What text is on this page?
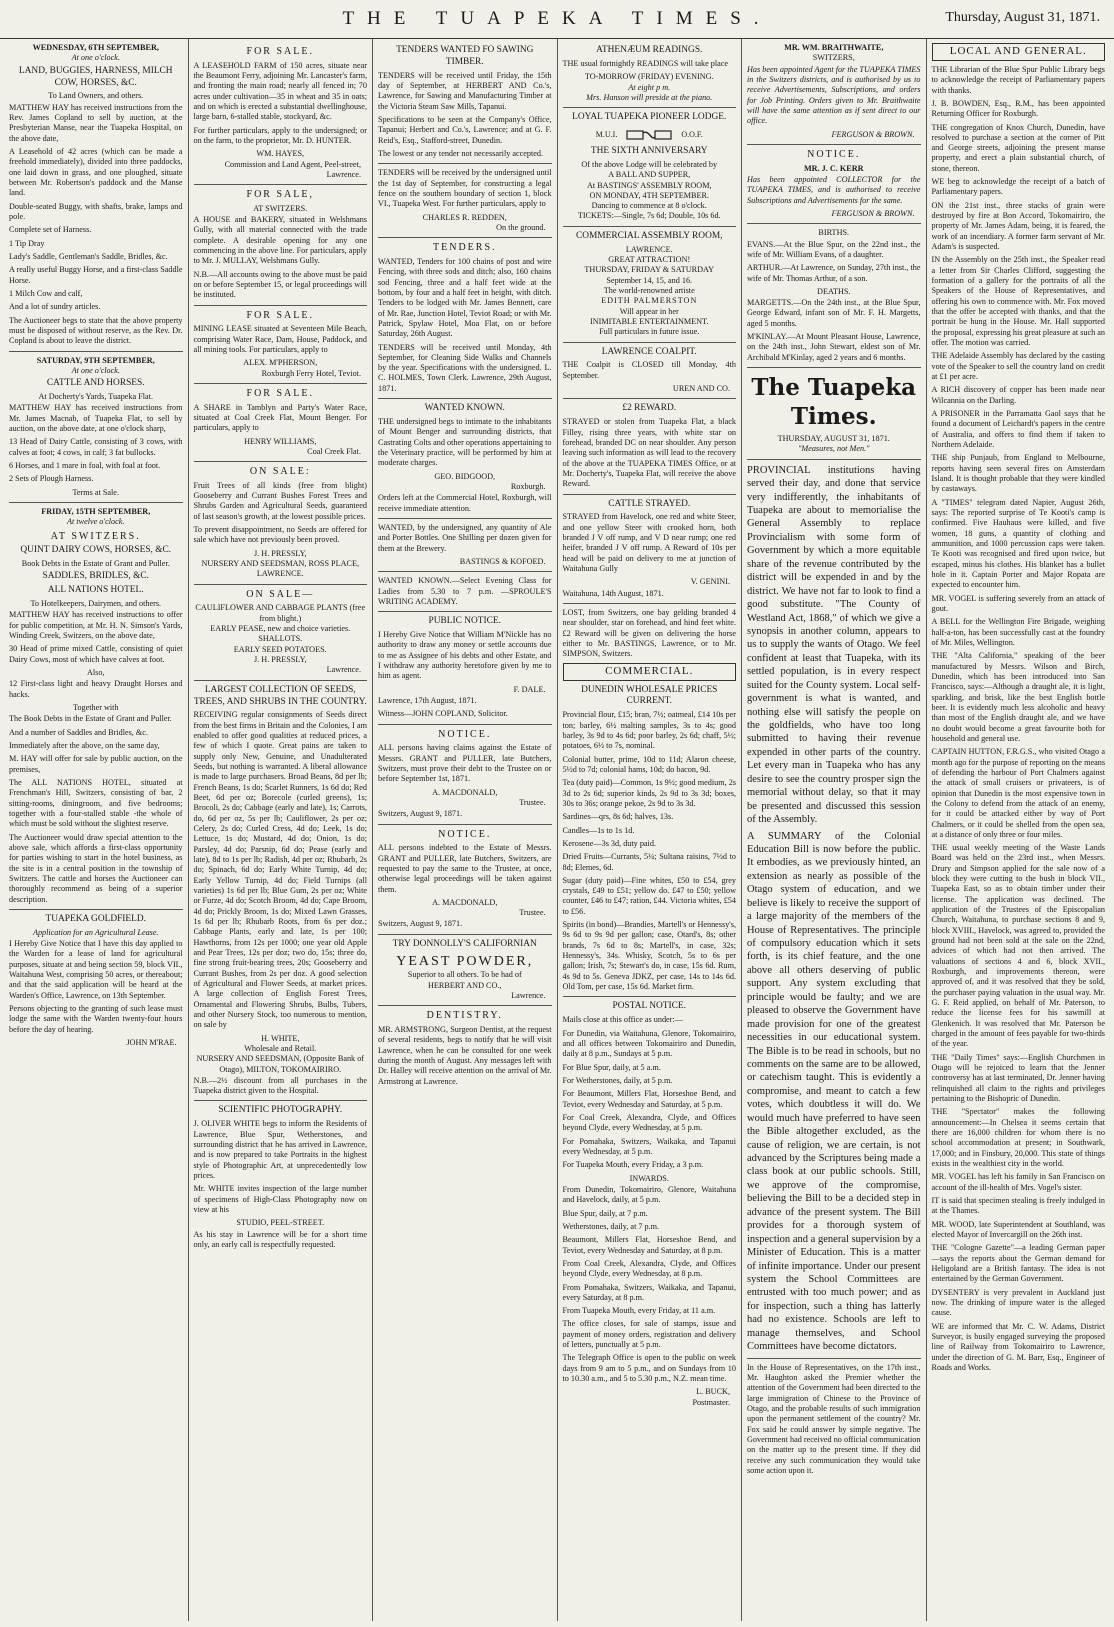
THE TUAPEKA TIMES.	Thursday, August 31, 1871.
WEDNESDAY, 6TH SEPTEMBER,
At one o'clock.
LAND, BUGGIES, HARNESS, MILCH COW, HORSES, &C.
To Land Owners, and others.

MATTHEW HAY has received instructions from the Rev. James Copland to sell by auction, at the Presbyterian Manse, near the Tuapeka Hospital, on the above date,

A Leasehold of 42 acres (which can be made a freehold immediately), divided into three paddocks, one laid down in grass, and one ploughed, situate between Mr. Robertson's paddock and the Manse land.

Double-seated Buggy, with shafts, brake, lamps and pole.

Complete set of Harness.

1 Tip Dray

Lady's Saddle, Gentleman's Saddle, Bridles, &c.

A really useful Buggy Horse, and a first-class Saddle Horse.

1 Milch Cow and calf,

And a lot of sundry articles.

The Auctioneer begs to state that the above property must be disposed of without reserve, as the Rev. Dr. Copland is about to leave the district.

SATURDAY, 9TH SEPTEMBER,
At one o'clock.
CATTLE AND HORSES.
At Docherty's Yards, Tuapeka Flat.

MATTHEW HAY has received instructions from Mr. James Macnab, of Tuapeka Flat, to sell by auction, on the above date, at one o'clock sharp,

13 Head of Dairy Cattle, consisting of 3 cows, with calves at foot; 4 cows, in calf; 3 fat bullocks.

6 Horses, and 1 mare in foal, with foal at foot.

2 Sets of Plough Harness.

Terms at Sale.
FRIDAY, 15TH SEPTEMBER,
At twelve o'clock.
AT SWITZERS.
QUINT DAIRY COWS, HORSES, &C.
Book Debts in the Estate of Grant and Puller.
SADDLES, BRIDLES, &C.
ALL NATIONS HOTEL.
To Hotelkeepers, Dairymen, and others.

MATTHEW HAY has received instructions to offer for public competition, at Mr. H. N. Simson's Yards, Winding Creek, Switzers, on the above date,

30 Head of prime mixed Cattle, consisting of quiet Dairy Cows, most of which have calves at foot.

Also,

12 First-class light and heavy Draught Horses and hacks.

Together with

The Book Debts in the Estate of Grant and Puller.

And a number of Saddles and Bridles, &c.

Immediately after the above, on the same day,

M. HAY will offer for sale by public auction, on the premises,

The ALL NATIONS HOTEL, situated at Frenchman's Hill, Switzers, consisting of bar, 2 sitting-rooms, diningroom, and five bedrooms; together with a four-stalled stable -the whole of which must be sold without the slightest reserve.

The Auctioneer would draw special attention to the above sale, which affords a first-class opportunity for parties wishing to start in the hotel business, as the site is in a central position in the township of Switzers. The cattle and horses the Auctioneer can thoroughly recommend as being of a superior description.

TUAPEKA GOLDFIELD.
Application for an Agricultural Lease.

I Hereby Give Notice that I have this day applied to the Warden for a lease of land for agricultural purposes, situate at and being section 59, block VII., Waitahuna West, comprising 50 acres, or thereabout; and that the said application will be heard at the Warden's Office, Lawrence, on 13th September.

Persons objecting to the granting of such lease must lodge the same with the Warden twenty-four hours before the day of hearing.

JOHN M'RAE.
FOR SALE.

A LEASEHOLD FARM of 150 acres, situate near the Beaumont Ferry, adjoining Mr. Lancaster's farm, and fronting the main road; nearly all fenced in; 70 acres under cultivation—35 in wheat and 35 in oats; and on which is erected a substantial dwellinghouse, large barn, 6-stalled stable, stockyard, &c.

For further particulars, apply to the undersigned; or on the farm, to the proprietor, Mr. D. HUNTER.

WM. HAYES,
Commission and Land Agent, Peel-street, Lawrence.
FOR SALE,
AT SWITZERS.

A HOUSE and BAKERY, situated in Welshmans Gully, with all material connected with the trade complete. A desirable opening for any one commencing in the above line. For particulars, apply to Mr. J. MULLAY, Welshmans Gully.

N.B.—All accounts owing to the above must be paid on or before September 15, or legal proceedings will be instituted.

FOR SALE.

MINING LEASE situated at Seventeen Mile Beach, comprising Water Race, Dam, House, Paddock, and all mining tools. For particulars, apply to

ALEX. M'PHERSON,
Roxburgh Ferry Hotel, Teviot.
FOR SALE.

A SHARE in Tamblyn and Party's Water Race, situated at Coal Creek Flat, Mount Benger. For particulars, apply to

HENRY WILLIAMS,
Coal Creek Flat.
ON SALE:

Fruit Trees of all kinds (free from blight) Gooseberry and Currant Bushes Forest Trees and Shrubs Garden and Agricultural Seeds, guaranteed of last season's growth, at the lowest possible prices.

To prevent disappointment, no Seeds are offered for sale which have not previously been proved.

J. H. PRESSLY,
NURSERY AND SEEDSMAN, ROSS PLACE, LAWRENCE.
ON SALE—
CAULIFLOWER AND CABBAGE PLANTS (free from blight.)
EARLY PEASE, new and choice varieties.
SHALLOTS.
EARLY SEED POTATOES.
J. H. PRESSLY,
Lawrence.
LARGEST COLLECTION OF SEEDS, TREES, AND SHRUBS IN THE COUNTRY.

RECEIVING regular consignments of Seeds direct from the best firms in Britain and the Colonies, I am enabled to offer good qualities at reduced prices, a few of which I quote. Great pains are taken to supply only New, Genuine, and Unadulterated Seeds, but nothing is warranted. A liberal allowance is made to large purchasers. Broad Beans, 8d per lb; French Beans, 1s do; Scarlet Runners, 1s 6d do; Red Beet, 6d per oz; Borecole (curled greens), 1s; Brocoli, 2s do; Cabbage (early and late), 1s; Carrots, do, 6d per oz, 5s per lb; Cauliflower, 2s per oz; Celery, 2s do; Curled Cress, 4d do; Leek, 1s do; Lettuce, 1s do; Mustard, 4d do; Onion, 1s do; Parsley, 4d do; Parsnip, 6d do; Pease (early and late), 8d to 1s per lb; Radish, 4d per oz; Rhubarb, 2s do; Spinach, 6d do; Early White Turnip, 4d do; Early Yellow Turnip, 4d do; Field Turnips (all varieties) 1s 6d per lb; Blue Gum, 2s per oz; White or Furze, 4d do; Scotch Broom, 4d do; Cape Broom, 4d do; Prickly Broom, 1s do; Mixed Lawn Grasses, 1s 6d per lb; Rhubarb Roots, from 6s per doz.; Cabbage Plants, early and late, 1s per 100; Hawthorns, from 12s per 1000; one year old Apple and Pear Trees, 12s per doz; two do, 15s; three do, fine strong fruit-bearing trees, 20s; Gooseberry and Currant Bushes, from 2s per doz. A good selection of Agricultural and Flower Seeds, at market prices. A large collection of English Forest Trees, Ornamental and Flowering Shrubs, Bulbs, Tubers, and other Nursery Stock, too numerous to mention, on sale by

H. WHITE,
Wholesale and Retail.
NURSERY AND SEEDSMAN, (Opposite Bank of Otago), MILTON, TOKOMAIRIRO.

N.B.—2½ discount from all purchases in the Tuapeka district given to the Hospital.

SCIENTIFIC PHOTOGRAPHY.

J. OLIVER WHITE begs to inform the Residents of Lawrence, Blue Spur, Wetherstones, and surrounding district that he has arrived in Lawrence, and is now prepared to take Portraits in the highest style of Photographic Art, at unprecedentedly low prices.

Mr. WHITE invites inspection of the large number of specimens of High-Class Photography now on view at his

STUDIO, PEEL-STREET.

As his stay in Lawrence will be for a short time only, an early call is respectfully requested.

TENDERS WANTED FO SAWING TIMBER.

TENDERS will be received until Friday, the 15th day of September, at HERBERT AND Co.'s, Lawrence, for Sawing and Manufacturing Timber at the Victoria Steam Saw Mills, Tapanui.

Specifications to be seen at the Company's Office, Tapanui; Herbert and Co.'s, Lawrence; and at G. F. Reid's, Esq., Stafford-street, Dunedin.

The lowest or any tender not necessarily accepted.

TENDERS will be received by the undersigned until the 1st day of September, for constructing a legal fence on the southern boundary of section 1, block VI., Tuapeka West. For further particulars, apply to

CHARLES R. REDDEN,
On the ground.
TENDERS.

WANTED, Tenders for 100 chains of post and wire Fencing, with three sods and ditch; also, 160 chains sod Fencing, three and a half feet wide at the bottom, by four and a half feet in height, with ditch. Tenders to be lodged with Mr. James Bennett, care of Mr. Rae, Junction Hotel, Teviot Road; or with Mr. Patrick, Spylaw Hotel, Moa Flat, on or before Saturday, 26th August.

TENDERS will be received until Monday, 4th September, for Cleaning Side Walks and Channels by the year. Specifications with the undersigned. L. C. HOLMES, Town Clerk. Lawrence, 29th August, 1871.

WANTED KNOWN.

THE undersigned begs to intimate to the inhabitants of Mount Benger and surrounding districts, that Castrating Colts and other operations appertaining to the Veterinary practice, will be performed by him at moderate charges.

GEO. BIDGOOD,
Roxburgh.

Orders left at the Commercial Hotel, Roxburgh, will receive immediate attention.

WANTED, by the undersigned, any quantity of Ale and Porter Bottles. One Shilling per dozen given for them at the Brewery.

BASTINGS & KOFOED.

WANTED KNOWN.—Select Evening Class for Ladies from 5.30 to 7 p.m. —SPROULE'S WRITING ACADEMY.

PUBLIC NOTICE.

I Hereby Give Notice that William M'Nickle has no authority to draw any money or settle accounts due to me as Assignee of his debts and other Estate, and I withdraw any authority heretofore given by me to him as agent.

F. DALE.

Lawrence, 17th August, 1871.

Witness—JOHN COPLAND, Solicitor.

NOTICE.

ALL persons having claims against the Estate of Messrs. GRANT and PULLER, late Butchers, Switzers, must prove their debt to the Trustee on or before September 1st, 1871.

A. MACDONALD,
Trustee.

Switzers, August 9, 1871.

NOTICE.

ALL persons indebted to the Estate of Messrs. GRANT and PULLER, late Butchers, Switzers, are requested to pay the same to the Trustee, at once, otherwise legal proceedings will be taken against them.

A. MACDONALD,
Trustee.

Switzers, August 9, 1871.

TRY DONNOLLY'S CALIFORNIAN
YEAST POWDER,
Superior to all others. To be had of
HERBERT AND CO.,
Lawrence.
DENTISTRY.

MR. ARMSTRONG, Surgeon Dentist, at the request of several residents, begs to notify that he will visit Lawrence, when he can be consulted for one week during the month of August. Any messages left with Dr. Halley will receive attention on the arrival of Mr. Armstrong at Lawrence.

ATHENÆUM READINGS.

THE usual fortnightly READINGS will take place

TO-MORROW (FRIDAY) EVENING.
At eight p m.
Mrs. Hanson will preside at the piano.
LOYAL TUAPEKA PIONEER LODGE.
M.U.I.	O.O.F.
THE SIXTH ANNIVERSARY
Of the above Lodge will be celebrated by
A BALL AND SUPPER,
At BASTINGS' ASSEMBLY ROOM,
ON MONDAY, 4TH SEPTEMBER.
Dancing to commence at 8 o'clock.
TICKETS:—Single, 7s 6d; Double, 10s 6d.
COMMERCIAL ASSEMBLY ROOM,
LAWRENCE.
GREAT ATTRACTION!
THURSDAY, FRIDAY & SATURDAY
September 14, 15, and 16.
The world-renowned artiste
EDITH PALMERSTON
Will appear in her
INIMITABLE ENTERTAINMENT.
Full particulars in future issue.
LAWRENCE COALPIT.

THE Coalpit is CLOSED till Monday, 4th September.

UREN AND CO.
£2 REWARD.

STRAYED or stolen from Tuapeka Flat, a black Filley, rising three years, with white star on forehead, branded DC on near shoulder. Any person leaving such information as will lead to the recovery of the above at the TUAPEKA TIMES Office, or at Mr. Docherty's, Tuapeka Flat, will receive the above Reward.

CATTLE STRAYED.

STRAYED from Havelock, one red and white Steer, and one yellow Steer with crooked horn, both branded J V off rump, and V D near rump; one red heifer, branded J V off rump. A Reward of 10s per head will be paid on delivery to me at junction of Waitahuna Gully

V. GENINI.

Waitahuna, 14th August, 1871.

LOST, from Switzers, one bay gelding branded 4 near shoulder, star on forehead, and hind feet white. £2 Reward will be given on delivering the horse either to Mr. BASTINGS, Lawrence, or to Mr. SIMPSON, Switzers.

COMMERCIAL.
DUNEDIN WHOLESALE PRICES CURRENT.

Provincial flour, £15; bran, 7½; oatmeal, £14 10s per ton; barley, 6½ malting samples, 3s to 4s; good barley, 3s 9d to 4s 6d; poor barley, 2s 6d; chaff, 5½; potatoes, 6½ to 7s, nominal.

Colonial butter, prime, 10d to 11d; Alaron cheese, 5½d to 7d; colonial hams, 10d; do bacon, 9d.

Tea (duty paid)—Common, 1s 9½; good medium, 2s 3d to 2s 6d; superior kinds, 2s 9d to 3s 3d; boxes, 30s to 36s; orange pekoe, 2s 9d to 3s 3d.

Sardines—qrs, 8s 6d; halves, 13s.

Candles—1s to 1s 1d.

Kerosene—3s 3d, duty paid.

Dried Fruits—Currants, 5¼; Sultana raisins, 7½d to 8d; Elemes, 6d.

Sugar (duty paid)—Fine whites, £50 to £54, grey crystals, £49 to £51; yellow do. £47 to £50; yellow counter, £46 to £47; ration, £44. Victoria whites, £54 to £56.

Spirits (in bond)—Brandies, Martell's or Hennessy's, 9s 6d to 9s 9d per gallon; case, Otard's, 8s; other brands, 7s 6d to 8s; Martell's, in case, 32s; Hennessy's, 34s. Whisky, Scotch, 5s to 6s per gallon; Irish, 7s; Stewart's do, in case, 15s 6d. Rum, 4s 9d to 5s. Geneva JDKZ, per case, 14s to 14s 6d. Old Tom, per case, 15s 6d. Market firm.

POSTAL NOTICE.

Mails close at this office as under:—

For Dunedin, via Waitahuna, Glenore, Tokomairiro, and all offices between Tokomairiro and Dunedin, daily at 8 p.m., Sundays at 5 p.m.

For Blue Spur, daily, at 5 a.m.

For Wetherstones, daily, at 5 p.m.

For Beaumont, Millers Flat, Horseshoe Bend, and Teviot, every Wednesday and Saturday, at 5 p.m.

For Coal Creek, Alexandra, Clyde, and Offices beyond Clyde, every Wednesday, at 5 p.m.

For Pomahaka, Switzers, Waikaka, and Tapanui every Wednesday, at 5 p.m.

For Tuapeka Mouth, every Friday, a 3 p.m.

INWARDS.

From Dunedin, Tokomairiro, Glenore, Waitahuna and Havelock, daily, at 5 p.m.

Blue Spur, daily, at 7 p.m.

Wetherstones, daily, at 7 p.m.

Beaumont, Millers Flat, Horseshoe Bend, and Teviot, every Wednesday and Saturday, at 8 p.m.

From Coal Creek, Alexandra, Clyde, and Offices beyond Clyde, every Wednesday, at 8 p.m.

From Pomahaka, Switzers, Waikaka, and Tapanui, every Saturday, at 8 p.m.

From Tuapeka Mouth, every Friday, at 11 a.m.

The office closes, for sale of stamps, issue and payment of money orders, registration and delivery of letters, punctually at 5 p.m.

The Telegraph Office is open to the public on week days from 9 am to 5 p.m., and on Sundays from 10 to 10.30 a.m., and 5 to 5.30 p.m., N.Z. mean time.

L. BUCK,
Postmaster.
MR. WM. BRAITHWAITE,
SWITZERS,

Has been appointed Agent for the TUAPEKA TIMES in the Switzers districts, and is authorised by us to receive Advertisements, Subscriptions, and orders for Job Printing. Orders given to Mr. Braithwaite will have the same attention as if sent direct to our office.

FERGUSON & BROWN.
NOTICE.
MR. J. C. KERR

Has been appointed COLLECTOR for the TUAPEKA TIMES, and is authorised to receive Subscriptions and Advertisements for the same.

FERGUSON & BROWN.
BIRTHS.

EVANS.—At the Blue Spur, on the 22nd inst., the wife of Mr. William Evans, of a daughter.

ARTHUR.—At Lawrence, on Sunday, 27th inst., the wife of Mr. Thomas Arthur, of a son.

DEATHS.

MARGETTS.—On the 24th inst., at the Blue Spur, George Edward, infant son of Mr. F. H. Margetts, aged 5 months.

M'KINLAY.—At Mount Pleasant House, Lawrence, on the 24th inst., John Stewart, eldest son of Mr. Archibald M'Kinlay, aged 2 years and 6 months.

The Tuapeka Times.
THURSDAY, AUGUST 31, 1871.
"Measures, not Men."

PROVINCIAL institutions having served their day, and done that service very indifferently, the inhabitants of Tuapeka are about to memorialise the General Assembly to replace Provincialism with some form of Government by which a more equitable share of the revenue contributed by the district will be expended in and by the district. We have not far to look to find a good substitute. "The County of Westland Act, 1868," of which we give a synopsis in another column, appears to us to supply the wants of Otago. We feel confident at least that Tuapeka, with its settled population, is in every respect suited for the County system. Local self-government is what is wanted, and nothing else will satisfy the people on the goldfields, who have too long submitted to having their revenue expended in other parts of the country. Let every man in Tuapeka who has any desire to see the country prosper sign the memorial without delay, so that it may be presented and discussed this session of the Assembly.

A SUMMARY of the Colonial Education Bill is now before the public. It embodies, as we previously hinted, an extension as nearly as possible of the Otago system of education, and we believe is likely to receive the support of a large majority of the members of the House of Representatives. The principle of compulsory education which it sets forth, is its chief feature, and the one above all others deserving of public support. Any system excluding that principle would be faulty; and we are pleased to observe the Government have made provision for one of the greatest necessities in our educational system. The Bible is to be read in schools, but no comments on the same are to be allowed, or catechism taught. This is evidently a compromise, and meant to catch a few votes, which doubtless it will do. We would much have preferred to have seen the Bible altogether excluded, as the cause of religion, we are certain, is not advanced by the Scriptures being made a class book at our public schools. Still, we approve of the compromise, believing the Bill to be a decided step in advance of the present system. The Bill provides for a thorough system of inspection and a general supervision by a Minister of Education. This is a matter of infinite importance. Under our present system the School Committees are entrusted with too much power; and as for inspection, such a thing has latterly had no existence. Schools are left to manage themselves, and School Committees have become dictators.

In the House of Representatives, on the 17th inst., Mr. Haughton asked the Premier whether the attention of the Government had been directed to the large immigration of Chinese to the Province of Otago, and the probable results of such immigration upon the permanent settlement of the country? Mr. Fox said he could answer by simple negative. The Government had received no official communication on the matter up to the present time. If they did receive any such communication they would take some action upon it.

LOCAL AND GENERAL.

THE Librarian of the Blue Spur Public Library begs to acknowledge the receipt of Parliamentary papers with thanks.

J. B. BOWDEN, Esq., R.M., has been appointed Returning Officer for Roxburgh.

THE congregation of Knox Church, Dunedin, have resolved to purchase a section at the corner of Pitt and George streets, adjoining the present manse property, and erect a plain substantial church, of stone, thereon.

WE beg to acknowledge the receipt of a batch of Parliamentary papers.

ON the 21st inst., three stacks of grain were destroyed by fire at Bon Accord, Tokomairiro, the property of Mr. James Adam, being, it is feared, the work of an incendiary. A former farm servant of Mr. Adam's is suspected.

IN the Assembly on the 25th inst., the Speaker read a letter from Sir Charles Clifford, suggesting the formation of a gallery for the portraits of all the Speakers of the House of Representatives, and offering his own to commence with. Mr. Fox moved that the offer be accepted with thanks, and that the portrait be hung in the House. Mr. Hall supported the proposal, expressing his great pleasure at such an offer. The motion was carried.

THE Adelaide Assembly has declared by the casting vote of the Speaker to sell the country land on credit at £1 per acre.

A RICH discovery of copper has been made near Wilcannia on the Darling.

A PRISONER in the Parramatta Gaol says that he found a document of Leichardt's papers in the centre of Australia, and offers to find them if taken to Northern Adelaide.

THE ship Punjaub, from England to Melbourne, reports having seen several fires on Amsterdam Island. It is thought probable that they were kindled by castaways.

A "TIMES" telegram dated Napier, August 26th, says: The reported surprise of Te Kooti's camp is confirmed. Five Hauhaus were killed, and five women, 18 guns, a quantity of clothing and ammunition, and 1000 percussion caps were taken. Te Kooti was recognised and fired upon twice, but escaped, minus his clothes. His blanket has a bullet hole in it. Captain Porter and Major Ropata are expected to encounter him.

MR. VOGEL is suffering severely from an attack of gout.

A BELL for the Wellington Fire Brigade, weighing half-a-ton, has been successfully cast at the foundry of Mr. Miles, Wellington.

THE "Alta California," speaking of the beer manufactured by Messrs. Wilson and Birch, Dunedin, which has been introduced into San Francisco, says:—Although a draught ale, it is light, sparkling, and brisk, like the best English bottle beer. It is evidently much less alcoholic and heavy than most of the English draught ale, and we have no doubt would become a great favourite both for household and general use.

CAPTAIN HUTTON, F.R.G.S., who visited Otago a month ago for the purpose of reporting on the means of defending the harbour of Port Chalmers against the attack of small cruisers or privateers, is of opinion that Dunedin is the most expensive town in the Colony to defend from the attack of an enemy, for it could be attacked either by way of Port Chalmers, or it could be shelled from the open sea, at a distance of only three or four miles.

THE usual weekly meeting of the Waste Lands Board was held on the 23rd inst., when Messrs. Drury and Simpson applied for the sale now of a block they were cutting to the bush in block VII., Tuapeka East, so as to obtain timber under their license. The application was declined. The application of the Trustees of the Episcopalian Church, Waitahuna, to purchase sections 8 and 9, block XVIII., Havelock, was agreed to, provided the ground had not been sold at the sale on the 22nd, advices of which had not then arrived. The valuations of sections 4 and 6, block XVII., Roxburgh, and improvements thereon, were approved of, and it was resolved that they be sold, the purchaser paying valuation in the usual way. Mr. G. F. Reid applied, on behalf of Mr. Paterson, to reduce the license fees for his sawmill at Glenkenich. It was resolved that Mr. Paterson be charged in the amount of fees payable for two-thirds of the year.

THE "Daily Times" says:—English Churchmen in Otago will be rejoiced to learn that the Jenner controversy has at last terminated, Dr. Jenner having relinquished all claim to the rights and privileges pertaining to the Bishopric of Dunedin.

THE "Spectator" makes the following announcement:—In Chelsea it seems certain that there are 16,000 children for whom there is no school accommodation at present; in Southwark, 17,000; and in Finsbury, 20,000. This state of things exists in the wealthiest city in the world.

MR. VOGEL has left his family in San Francisco on account of the ill-health of Mrs. Vogel's sister.

IT is said that specimen stealing is freely indulged in at the Thames.

MR. WOOD, late Superintendent at Southland, was elected Mayor of Invercargill on the 26th inst.

THE "Cologne Gazette"—a leading German paper—says the reports about the German demand for Heligoland are a British fantasy. The idea is not entertained by the German Government.

DYSENTERY is very prevalent in Auckland just now. The drinking of impure water is the alleged cause.

WE are informed that Mr. C. W. Adams, District Surveyor, is busily engaged surveying the proposed line of Railway from Tokomairiro to Lawrence, under the direction of G. M. Barr, Esq., Engineer of Roads and Works.
